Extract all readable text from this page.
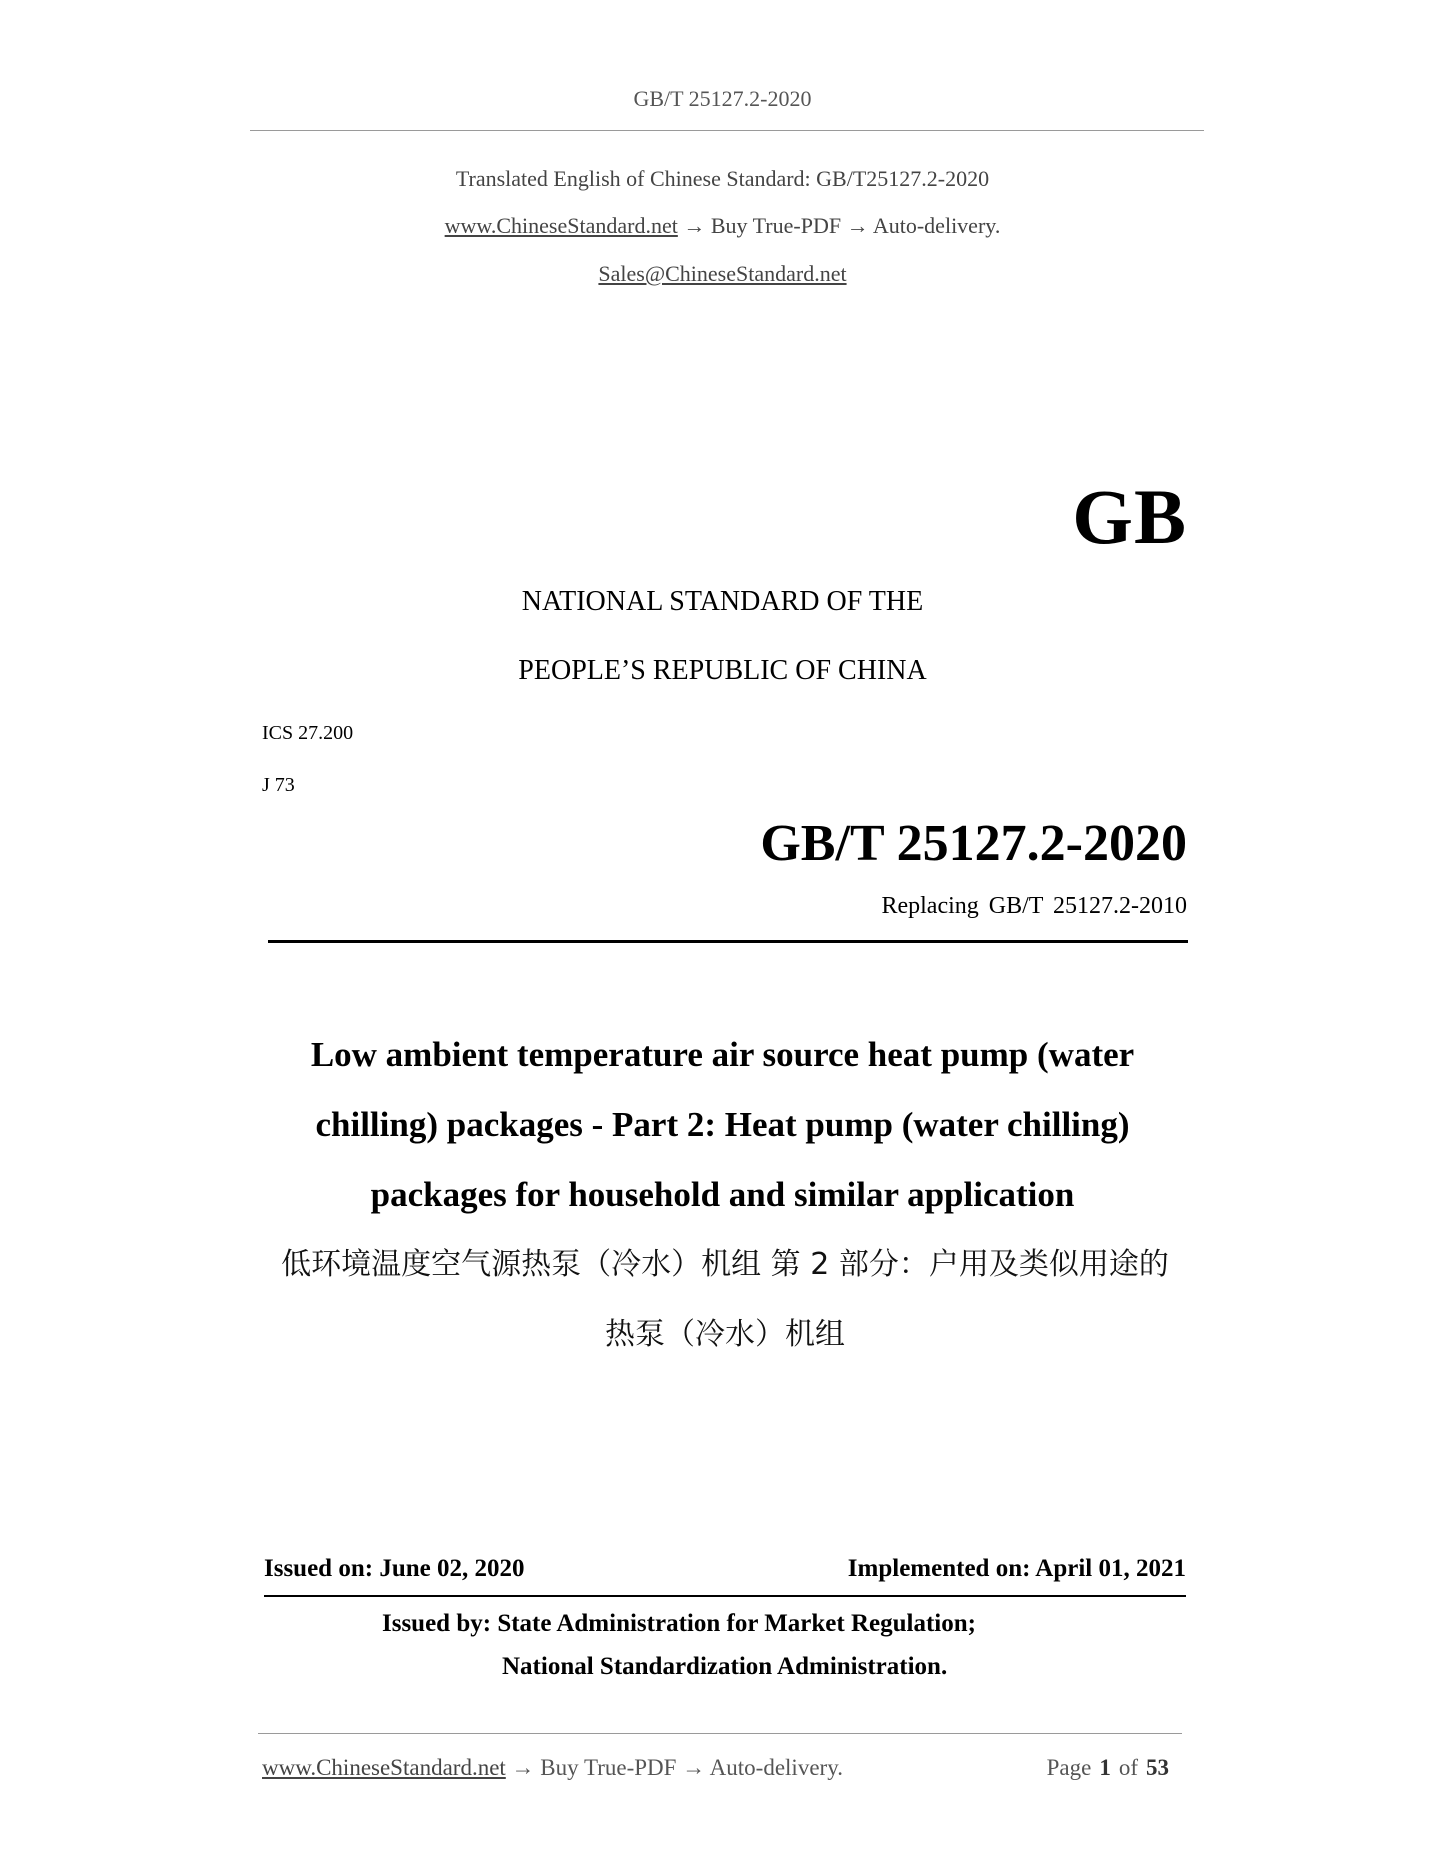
GB/T 25127.2-2020
Translated English of Chinese Standard: GB/T25127.2-2020
www.ChineseStandard.net → Buy True-PDF → Auto-delivery.
Sales@ChineseStandard.net
GB
NATIONAL STANDARD OF THE
PEOPLE’S REPUBLIC OF CHINA
ICS 27.200
J 73
GB/T 25127.2-2020
Replacing GB/T 25127.2-2010
Low ambient temperature air source heat pump (water
chilling) packages - Part 2: Heat pump (water chilling)
packages for household and similar application
低环境温度空气源热泵（冷水）机组 第 2 部分：户用及类似用途的
热泵（冷水）机组
Issued on: June 02, 2020	Implemented on: April 01, 2021
Issued by: State Administration for Market Regulation;
National Standardization Administration.
www.ChineseStandard.net → Buy True-PDF → Auto-delivery.	Page 1 of 53
